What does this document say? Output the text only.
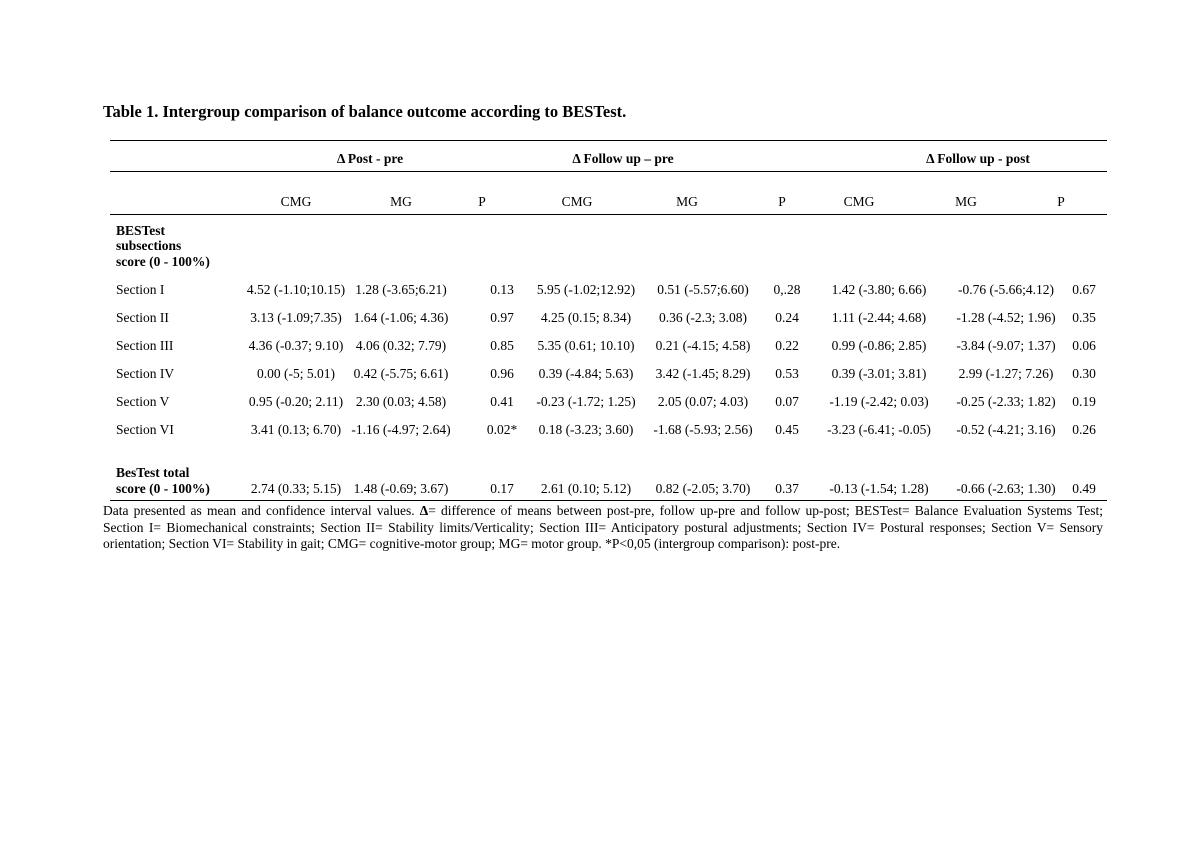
Table 1. Intergroup comparison of balance outcome according to BESTest.
Δ Post - pre	Δ Follow up – pre	Δ Follow up - post
CMG	MG	P	CMG	MG	P	CMG	MG	P
BESTest
subsections
score (0 - 100%)
Section I	4.52 (-1.10;10.15) 1.28 (-3.65;6.21)	0.13 5.95 (-1.02;12.92) 0.51 (-5.57;6.60) 0,.28 1.42 (-3.80; 6.66) -0.76 (-5.66;4.12) 0.67
Section II	3.13 (-1.09;7.35) 1.64 (-1.06; 4.36)	0.97 4.25 (0.15; 8.34) 0.36 (-2.3; 3.08) 0.24 1.11 (-2.44; 4.68) -1.28 (-4.52; 1.96) 0.35
Section III	4.36 (-0.37; 9.10) 4.06 (0.32; 7.79)	0.85 5.35 (0.61; 10.10) 0.21 (-4.15; 4.58) 0.22 0.99 (-0.86; 2.85) -3.84 (-9.07; 1.37) 0.06
Section IV	0.00 (-5; 5.01) 0.42 (-5.75; 6.61)	0.96 0.39 (-4.84; 5.63) 3.42 (-1.45; 8.29) 0.53 0.39 (-3.01; 3.81) 2.99 (-1.27; 7.26) 0.30
Section V	0.95 (-0.20; 2.11) 2.30 (0.03; 4.58)	0.41 -0.23 (-1.72; 1.25) 2.05 (0.07; 4.03) 0.07 -1.19 (-2.42; 0.03) -0.25 (-2.33; 1.82) 0.19
Section VI	3.41 (0.13; 6.70) -1.16 (-4.97; 2.64)	0.02* 0.18 (-3.23; 3.60) -1.68 (-5.93; 2.56) 0.45 -3.23 (-6.41; -0.05) -0.52 (-4.21; 3.16) 0.26
BesTest total
score (0 - 100%)	2.74 (0.33; 5.15) 1.48 (-0.69; 3.67)	0.17 2.61 (0.10; 5.12) 0.82 (-2.05; 3.70) 0.37 -0.13 (-1.54; 1.28) -0.66 (-2.63; 1.30) 0.49
Data presented as mean and confidence interval values. Δ= difference of means between post-pre, follow up-pre and follow up-post; BESTest= Balance Evaluation Systems Test; Section I= Biomechanical constraints; Section II= Stability limits/Verticality; Section III= Anticipatory postural adjustments; Section IV= Postural responses; Section V= Sensory orientation; Section VI= Stability in gait; CMG= cognitive-motor group; MG= motor group. *P<0,05 (intergroup comparison): post-pre.
